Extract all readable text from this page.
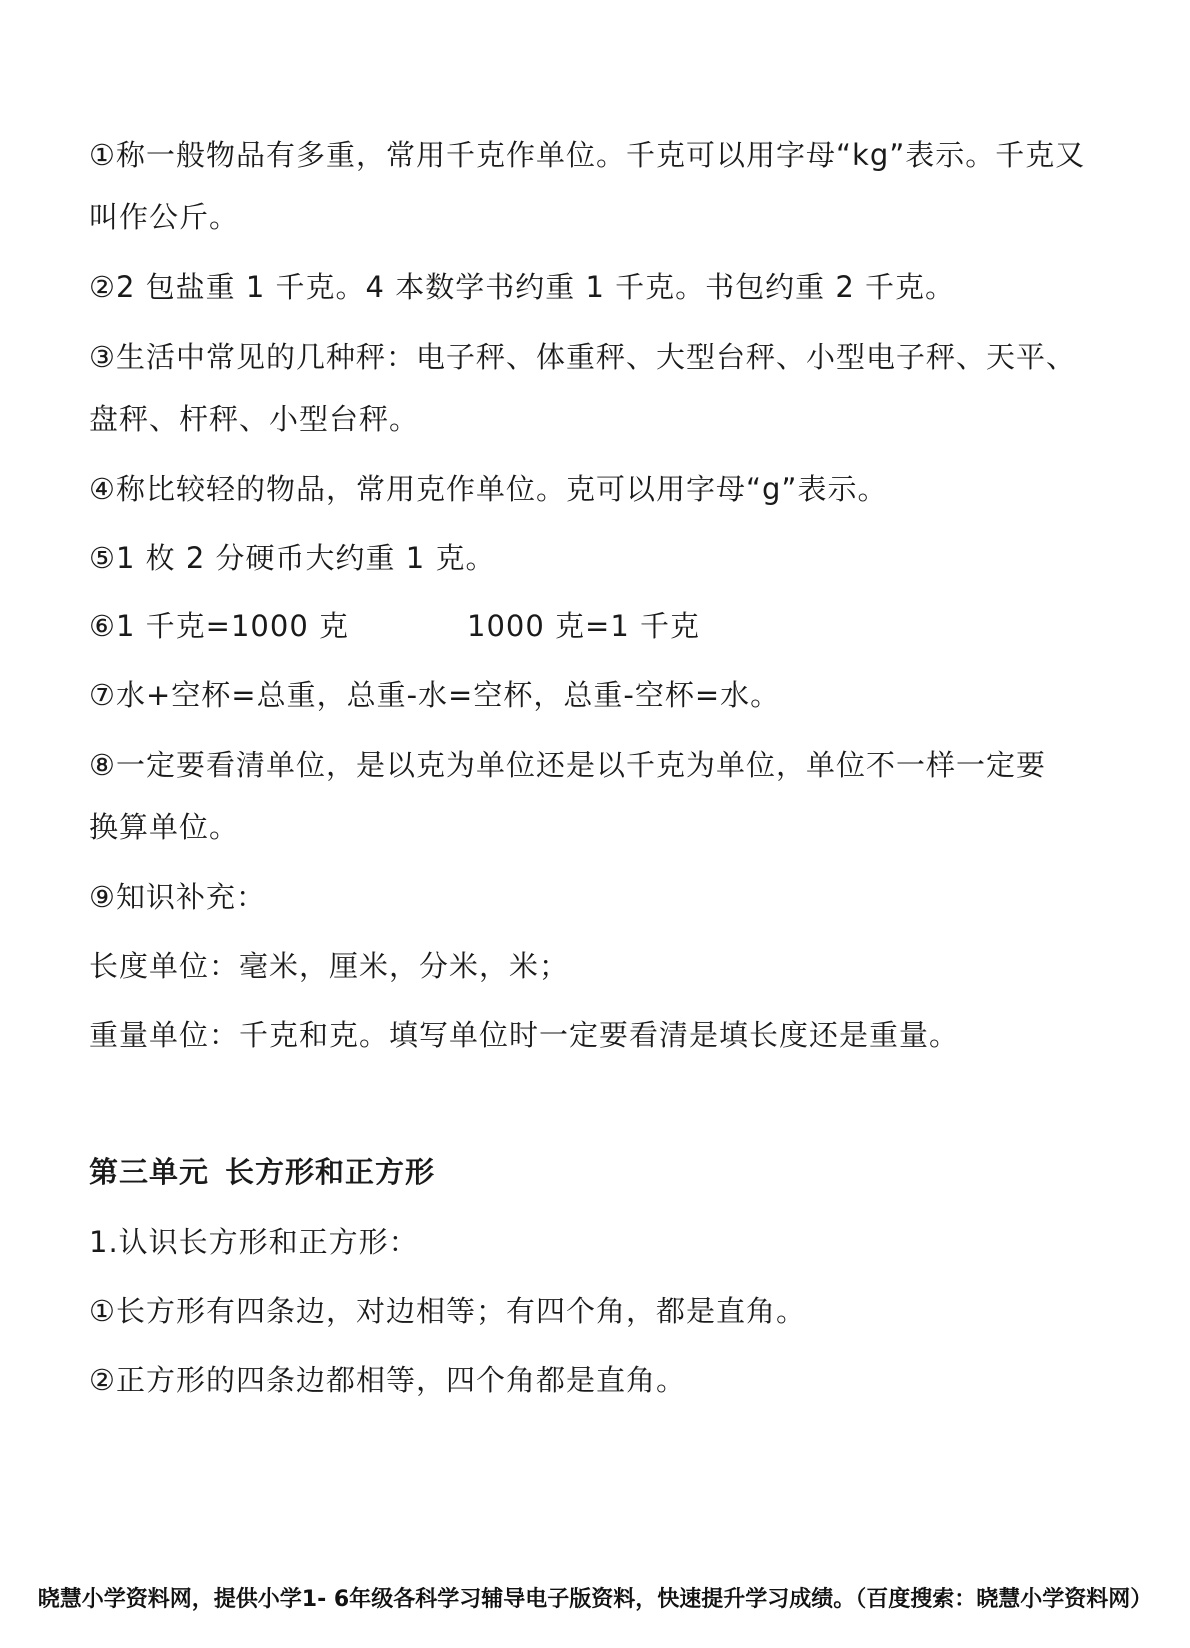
①称一般物品有多重，常用千克作单位。千克可以用字母“kg”表示。千克又
叫作公斤。
②2 包盐重 1 千克。4 本数学书约重 1 千克。书包约重 2 千克。
③生活中常见的几种秤：电子秤、体重秤、大型台秤、小型电子秤、天平、
盘秤、杆秤、小型台秤。
④称比较轻的物品，常用克作单位。克可以用字母“g”表示。
⑤1 枚 2 分硬币大约重 1 克。
⑥1 千克=1000 克	1000 克=1 千克
⑦水+空杯=总重，总重-水=空杯，总重-空杯=水。
⑧一定要看清单位，是以克为单位还是以千克为单位，单位不一样一定要
换算单位。
⑨知识补充：
长度单位：毫米，厘米，分米，米；
重量单位：千克和克。填写单位时一定要看清是填长度还是重量。
第三单元 长方形和正方形
1.认识长方形和正方形：
①长方形有四条边，对边相等；有四个角，都是直角。
②正方形的四条边都相等，四个角都是直角。
晓慧小学资料网，提供小学1- 6年级各科学习辅导电子版资料，快速提升学习成绩。（百度搜索：晓慧小学资料网）
